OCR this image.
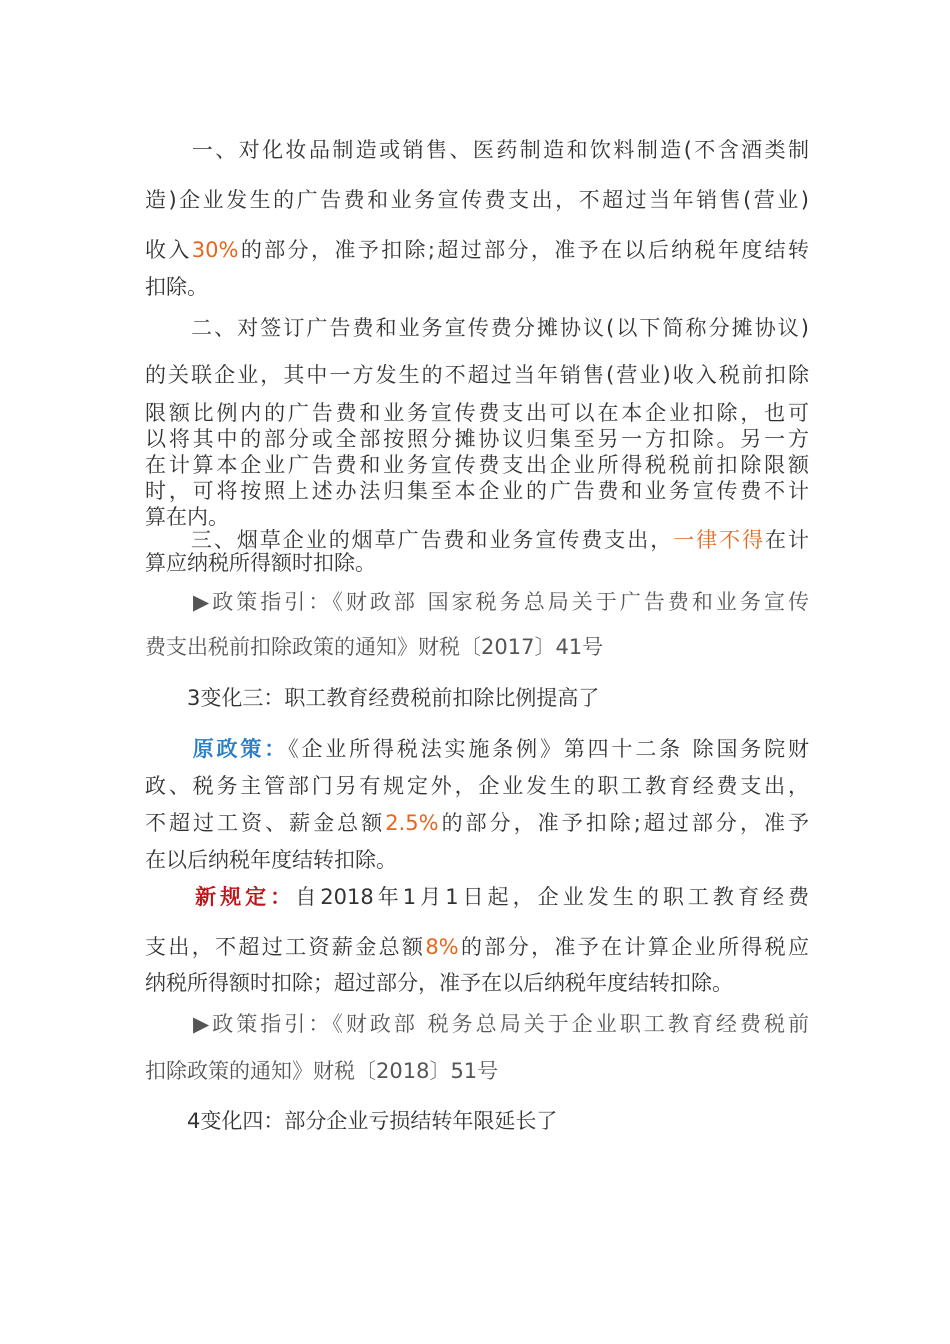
　　一、对化妆品制造或销售、医药制造和饮料制造(不含酒类制
造)企业发生的广告费和业务宣传费支出，不超过当年销售(营业)
收入30%的部分，准予扣除;超过部分，准予在以后纳税年度结转
扣除。
　　二、对签订广告费和业务宣传费分摊协议(以下简称分摊协议)
的关联企业，其中一方发生的不超过当年销售(营业)收入税前扣除
限额比例内的广告费和业务宣传费支出可以在本企业扣除，也可
以将其中的部分或全部按照分摊协议归集至另一方扣除。另一方
在计算本企业广告费和业务宣传费支出企业所得税税前扣除限额
时，可将按照上述办法归集至本企业的广告费和业务宣传费不计
算在内。
　　三、烟草企业的烟草广告费和业务宣传费支出，一律不得在计
算应纳税所得额时扣除。
　　▶政策指引：《财政部 国家税务总局关于广告费和业务宣传
费支出税前扣除政策的通知》财税〔2017〕41号
　　3变化三：职工教育经费税前扣除比例提高了
　　原政策：《企业所得税法实施条例》第四十二条 除国务院财
政、税务主管部门另有规定外，企业发生的职工教育经费支出，
不超过工资、薪金总额2.5%的部分，准予扣除;超过部分，准予
在以后纳税年度结转扣除。
　　新规定：自2018年1月1日起，企业发生的职工教育经费
支出，不超过工资薪金总额8%的部分，准予在计算企业所得税应
纳税所得额时扣除；超过部分，准予在以后纳税年度结转扣除。
　　▶政策指引：《财政部 税务总局关于企业职工教育经费税前
扣除政策的通知》财税〔2018〕51号
　　4变化四：部分企业亏损结转年限延长了
